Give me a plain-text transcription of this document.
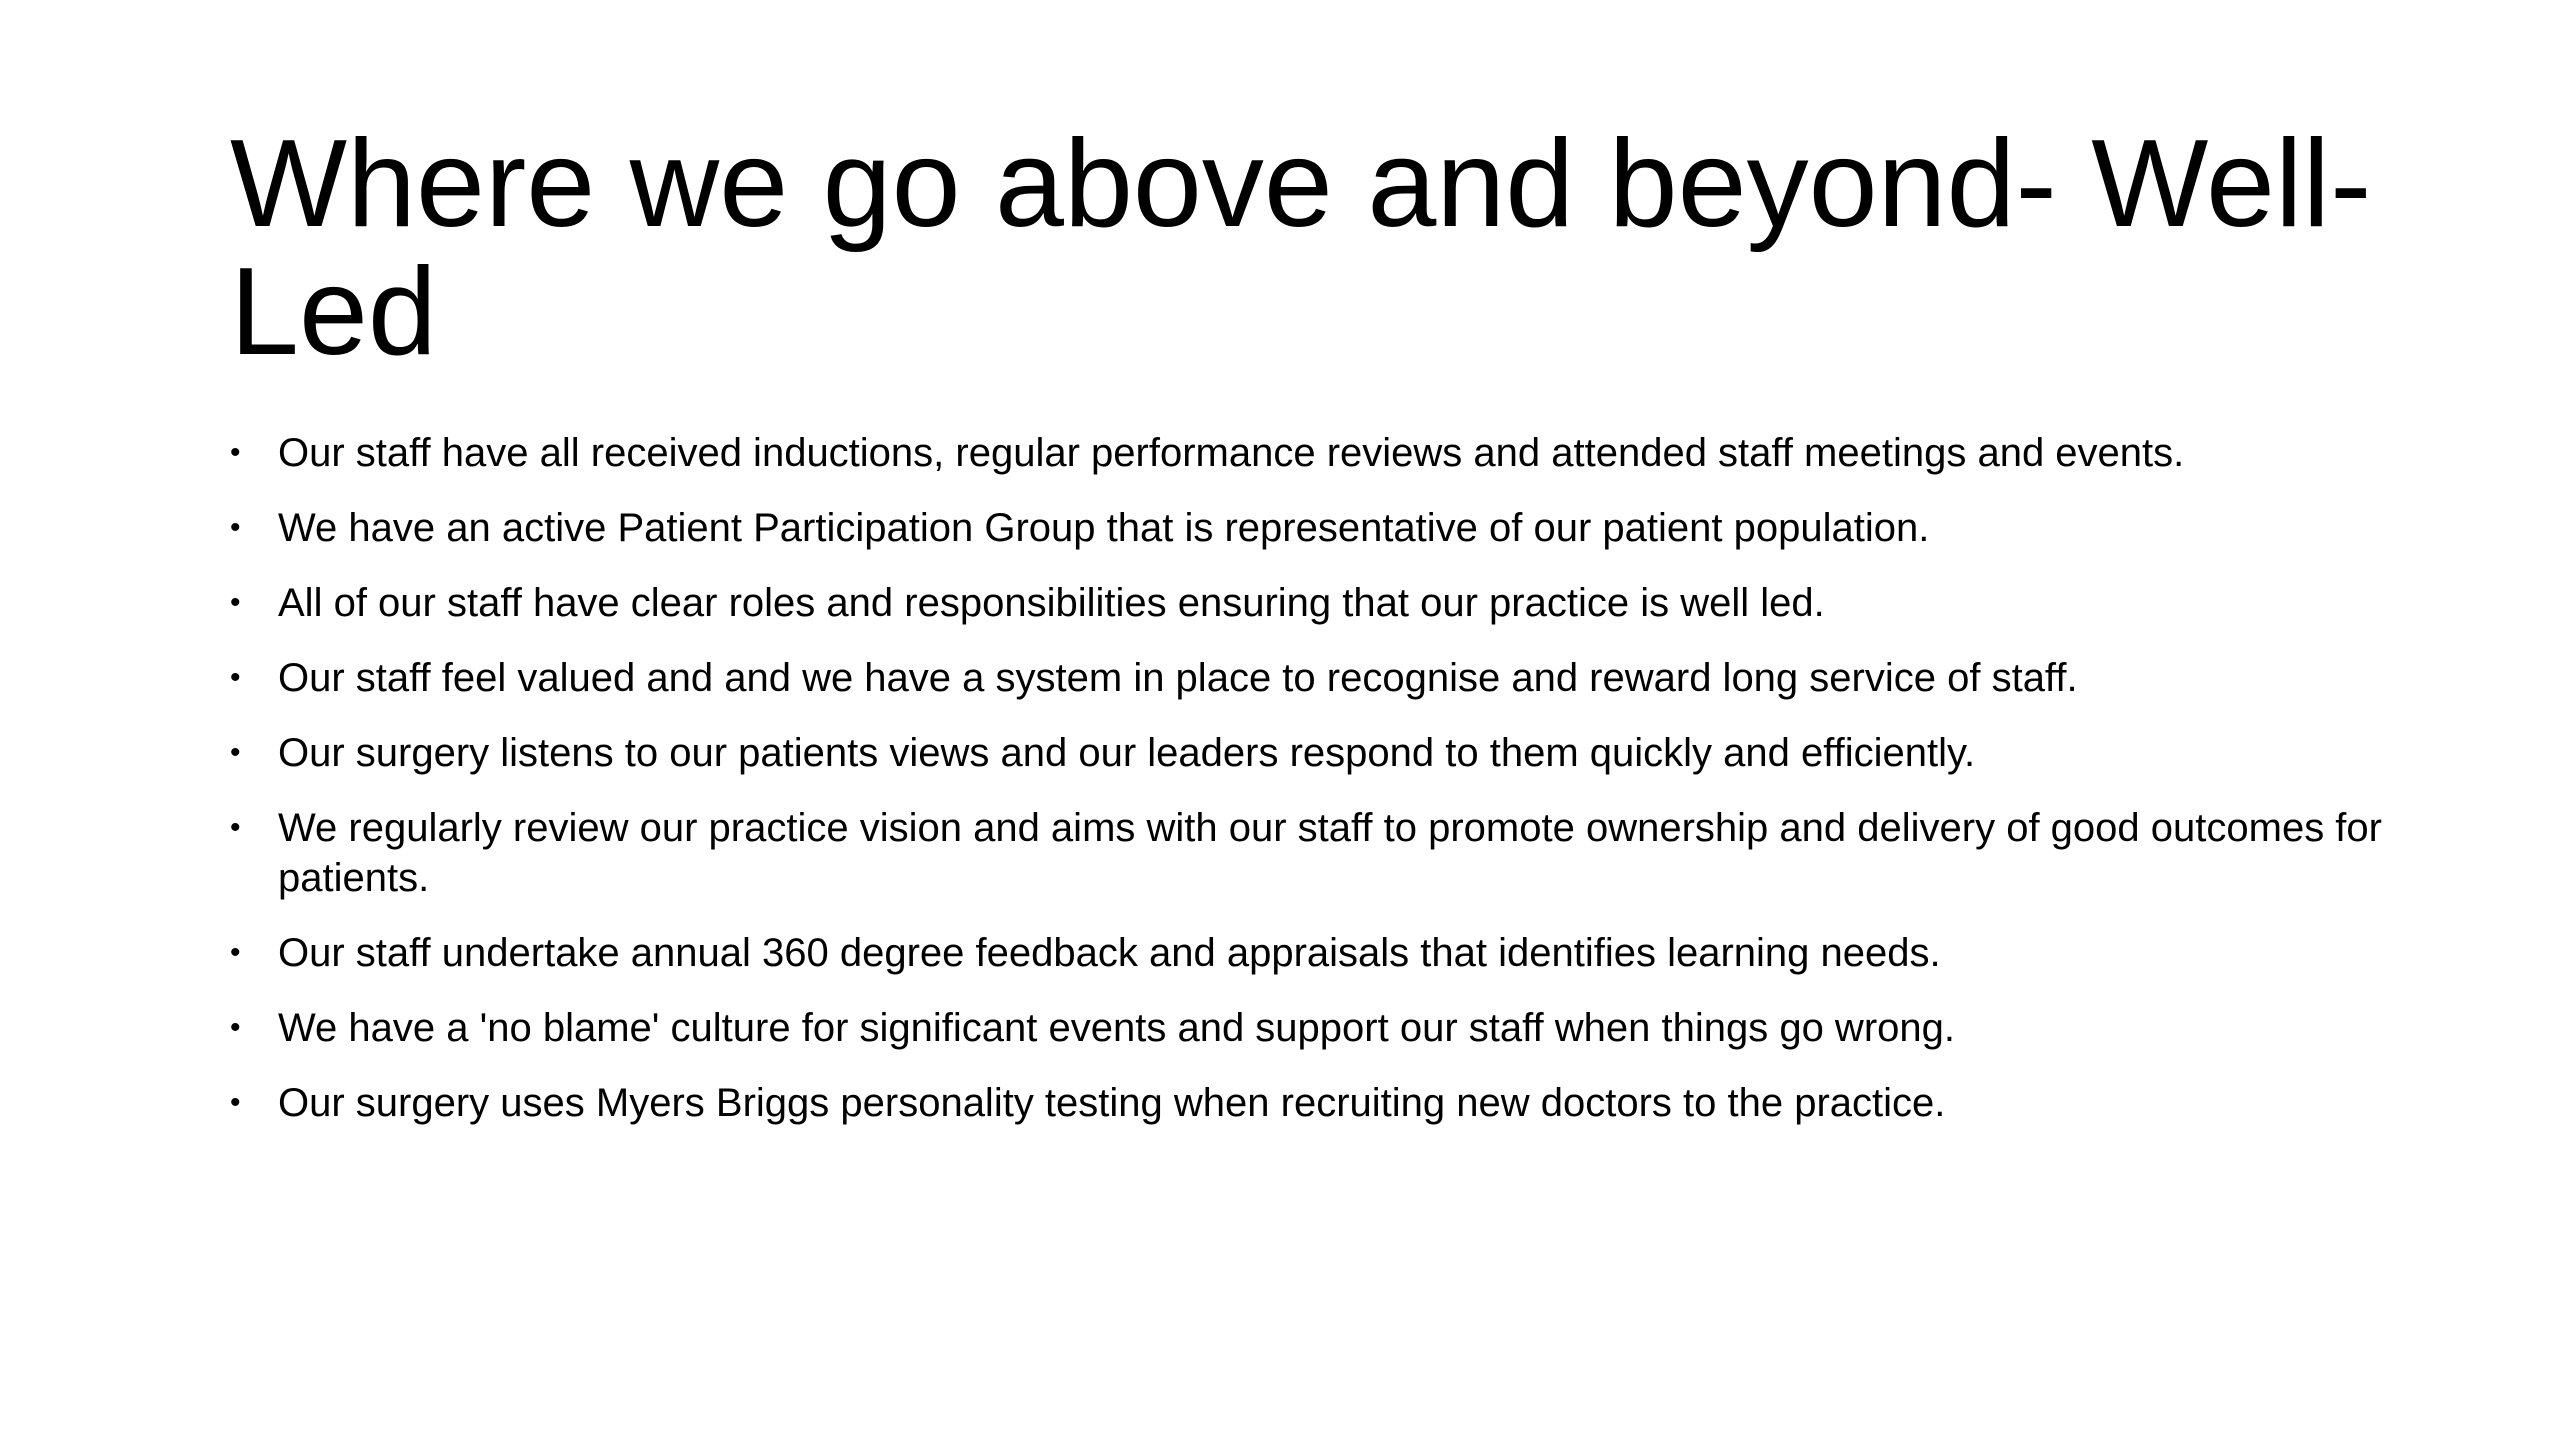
Where we go above and beyond- Well-Led
• Our staff have all received inductions, regular performance reviews and attended staff meetings and events.
• We have an active Patient Participation Group that is representative of our patient population.
• All of our staff have clear roles and responsibilities ensuring that our practice is well led.
• Our staff feel valued and and we have a system in place to recognise and reward long service of staff.
• Our surgery listens to our patients views and our leaders respond to them quickly and efficiently.
• We regularly review our practice vision and aims with our staff to promote ownership and delivery of good outcomes for patients.
• Our staff undertake annual 360 degree feedback and appraisals that identifies learning needs.
• We have a 'no blame' culture for significant events and support our staff when things go wrong.
• Our surgery uses Myers Briggs personality testing when recruiting new doctors to the practice.
